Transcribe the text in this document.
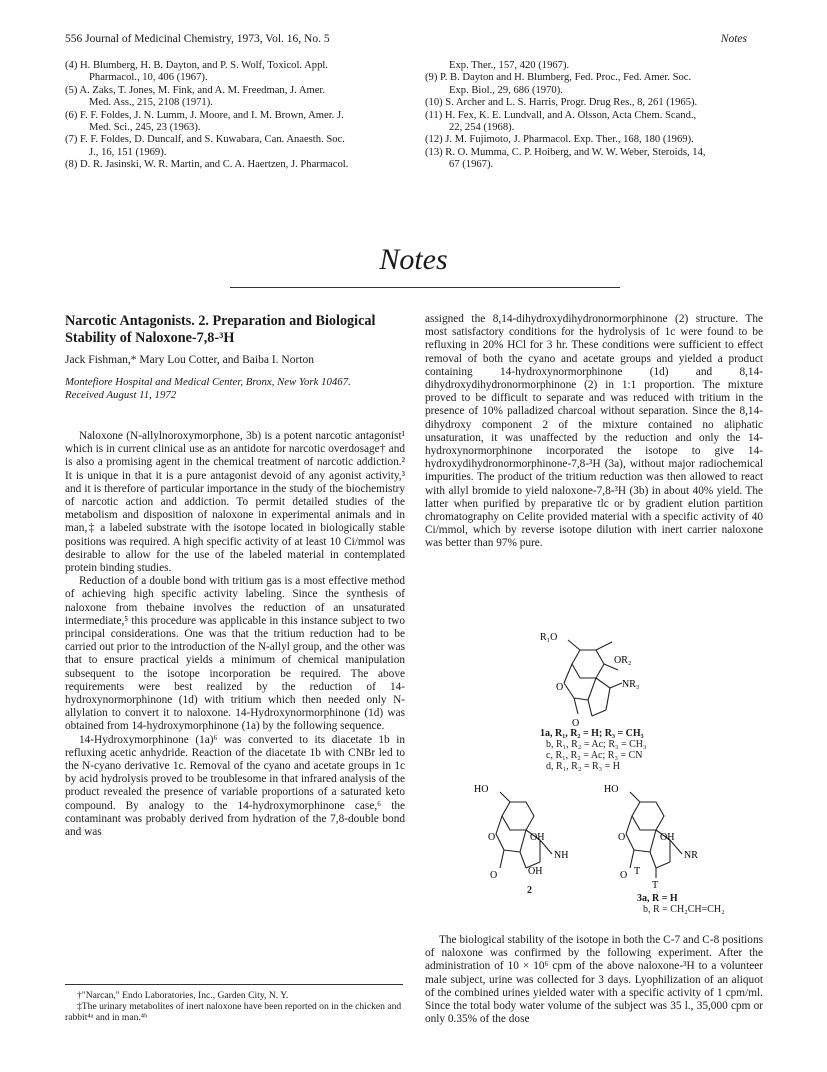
556 Journal of Medicinal Chemistry, 1973, Vol. 16, No. 5	Notes
(4) H. Blumberg, H. B. Dayton, and P. S. Wolf, Toxicol. Appl.
Pharmacol., 10, 406 (1967).
(5) A. Zaks, T. Jones, M. Fink, and A. M. Freedman, J. Amer.
Med. Ass., 215, 2108 (1971).
(6) F. F. Foldes, J. N. Lumm, J. Moore, and I. M. Brown, Amer. J.
Med. Sci., 245, 23 (1963).
(7) F. F. Foldes, D. Duncalf, and S. Kuwabara, Can. Anaesth. Soc.
J., 16, 151 (1969).
(8) D. R. Jasinski, W. R. Martin, and C. A. Haertzen, J. Pharmacol.
Exp. Ther., 157, 420 (1967).
(9) P. B. Dayton and H. Blumberg, Fed. Proc., Fed. Amer. Soc.
Exp. Biol., 29, 686 (1970).
(10) S. Archer and L. S. Harris, Progr. Drug Res., 8, 261 (1965).
(11) H. Fex, K. E. Lundvall, and A. Olsson, Acta Chem. Scand.,
22, 254 (1968).
(12) J. M. Fujimoto, J. Pharmacol. Exp. Ther., 168, 180 (1969).
(13) R. O. Mumma, C. P. Hoiberg, and W. W. Weber, Steroids, 14,
67 (1967).
Notes
Narcotic Antagonists. 2. Preparation and Biological Stability of Naloxone-7,8-³H
Jack Fishman,* Mary Lou Cotter, and Baiba I. Norton
Montefiore Hospital and Medical Center, Bronx, New York 10467.
Received August 11, 1972

Naloxone (N-allylnoroxymorphone, 3b) is a potent narcotic antagonist¹ which is in current clinical use as an antidote for narcotic overdosage† and is also a promising agent in the chemical treatment of narcotic addiction.² It is unique in that it is a pure antagonist devoid of any agonist activity,³ and it is therefore of particular importance in the study of the biochemistry of narcotic action and addiction. To permit detailed studies of the metabolism and disposition of naloxone in experimental animals and in man,‡ a labeled substrate with the isotope located in biologically stable positions was required. A high specific activity of at least 10 Ci/mmol was desirable to allow for the use of the labeled material in contemplated protein binding studies.

Reduction of a double bond with tritium gas is a most effective method of achieving high specific activity labeling. Since the synthesis of naloxone from thebaine involves the reduction of an unsaturated intermediate,⁵ this procedure was applicable in this instance subject to two principal considerations. One was that the tritium reduction had to be carried out prior to the introduction of the N-allyl group, and the other was that to ensure practical yields a minimum of chemical manipulation subsequent to the isotope incorporation be required. The above requirements were best realized by the reduction of 14-hydroxynormorphinone (1d) with tritium which then needed only N-allylation to convert it to naloxone. 14-Hydroxynormorphinone (1d) was obtained from 14-hydroxymorphinone (1a) by the following sequence.

14-Hydroxymorphinone (1a)⁶ was converted to its diacetate 1b in refluxing acetic anhydride. Reaction of the diacetate 1b with CNBr led to the N-cyano derivative 1c. Removal of the cyano and acetate groups in 1c by acid hydrolysis proved to be troublesome in that infrared analysis of the product revealed the presence of variable proportions of a saturated keto compound. By analogy to the 14-hydroxymorphinone case,⁶ the contaminant was probably derived from hydration of the 7,8-double bond and was

†"Narcan," Endo Laboratories, Inc., Garden City, N. Y.

‡The urinary metabolites of inert naloxone have been reported on in the chicken and rabbit⁴ᵃ and in man.⁴ᵇ

assigned the 8,14-dihydroxydihydronormorphinone (2) structure. The most satisfactory conditions for the hydrolysis of 1c were found to be refluxing in 20% HCl for 3 hr. These conditions were sufficient to effect removal of both the cyano and acetate groups and yielded a product containing 14-hydroxynormorphinone (1d) and 8,14-dihydroxydihydronormorphinone (2) in 1:1 proportion. The mixture proved to be difficult to separate and was reduced with tritium in the presence of 10% palladized charcoal without separation. Since the 8,14-dihydroxy component 2 of the mixture contained no aliphatic unsaturation, it was unaffected by the reduction and only the 14-hydroxynormorphinone incorporated the isotope to give 14-hydroxydihydronormorphinone-7,8-³H (3a), without major radiochemical impurities. The product of the tritium reduction was then allowed to react with allyl bromide to yield naloxone-7,8-³H (3b) in about 40% yield. The latter when purified by preparative tlc or by gradient elution partition chromatography on Celite provided material with a specific activity of 40 Ci/mmol, which by reverse isotope dilution with inert carrier naloxone was better than 97% pure.

R₁O
OR₂
NR₃
O
O
1a, R₁, R₂ = H; R₃ = CH₃
b, R₁, R₂ = Ac; R₃ = CH₃
c, R₁, R₂ = Ac; R₃ = CN
d, R₁, R₂ = R₃ = H
HO
OH
NH
OH
O
O
2
HO
OH
NR
O
O T
T
3a, R = H
b, R = CH₂CH=CH₂

The biological stability of the isotope in both the C-7 and C-8 positions of naloxone was confirmed by the following experiment. After the administration of 10 × 10⁶ cpm of the above naloxone-³H to a volunteer male subject, urine was collected for 3 days. Lyophilization of an aliquot of the combined urines yielded water with a specific activity of 1 cpm/ml. Since the total body water volume of the subject was 35 l., 35,000 cpm or only 0.35% of the dose
